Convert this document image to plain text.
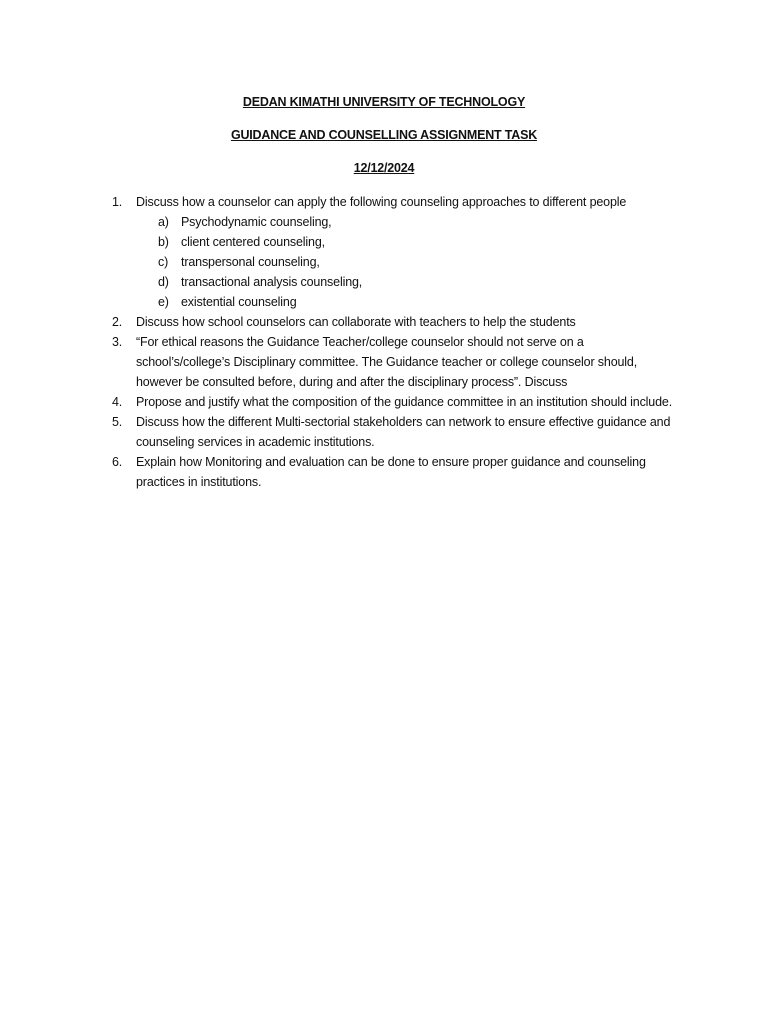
DEDAN KIMATHI UNIVERSITY OF TECHNOLOGY
GUIDANCE AND COUNSELLING ASSIGNMENT TASK
12/12/2024
1.	Discuss how a counselor can apply the following counseling approaches to different people
a) Psychodynamic counseling,
b) client centered counseling,
c) transpersonal counseling,
d) transactional analysis counseling,
e) existential counseling
2.	Discuss how school counselors can collaborate with teachers to help the students
3.	“For ethical reasons the Guidance Teacher/college counselor should not serve on a school’s/college’s Disciplinary committee. The Guidance teacher or college counselor should, however be consulted before, during and after the disciplinary process”. Discuss
4.	Propose and justify what the composition of the guidance committee in an institution should include.
5.	Discuss how the different Multi-sectorial stakeholders can network to ensure effective guidance and counseling services in academic institutions.
6.	Explain how Monitoring and evaluation can be done to ensure proper guidance and counseling practices in institutions.
